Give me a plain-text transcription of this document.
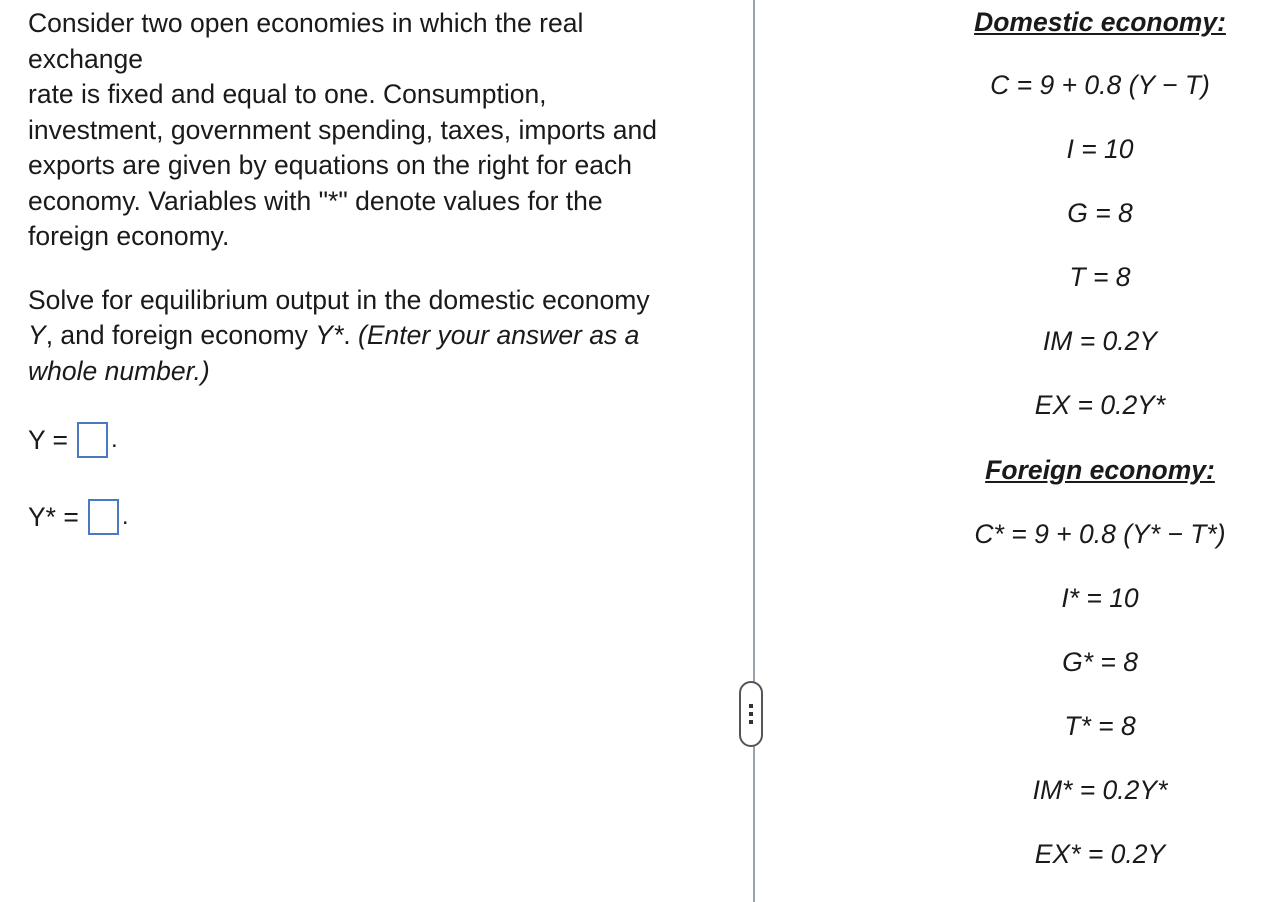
Consider two open economies in which the real exchange
rate is fixed and equal to one. Consumption, investment, government spending, taxes, imports and exports are given by equations on the right for each economy. Variables with "*" denote values for the foreign economy.

Solve for equilibrium output in the domestic economy Y, and foreign economy Y*. (Enter your answer as a whole number.)

Y = .
Y* = .
Domestic economy:
C = 9 + 0.8 (Y − T)
I = 10
G = 8
T = 8
IM = 0.2Y
EX = 0.2Y*
Foreign economy:
C* = 9 + 0.8 (Y* − T*)
I* = 10
G* = 8
T* = 8
IM* = 0.2Y*
EX* = 0.2Y
